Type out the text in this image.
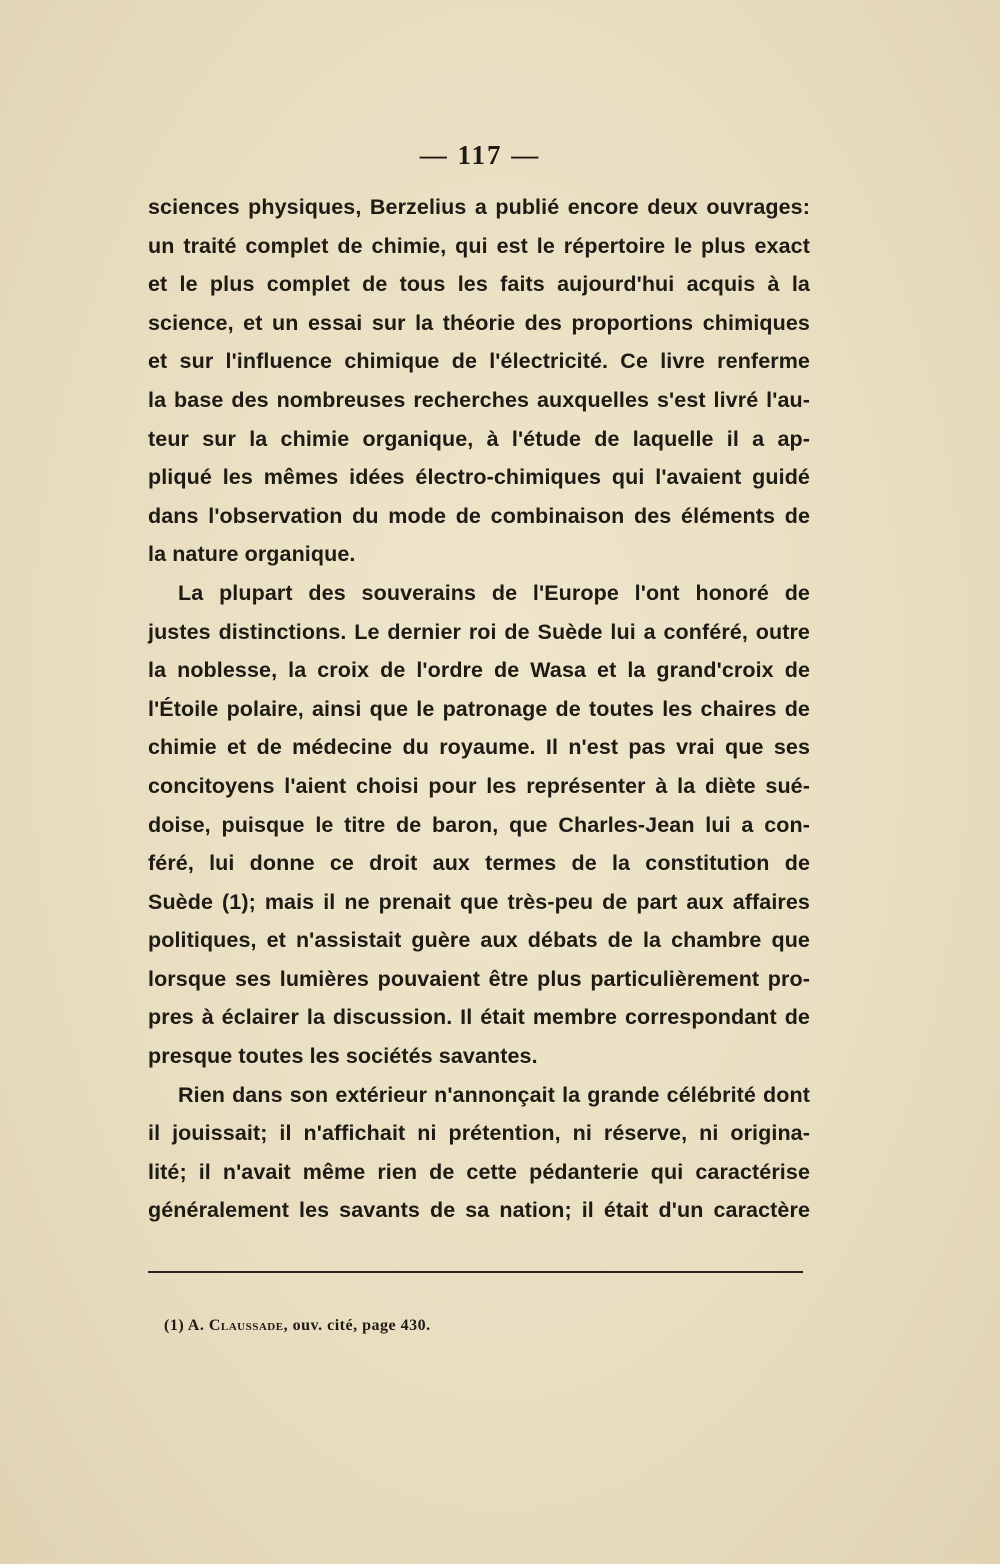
— 117 —
sciences physiques, Berzelius a publié encore deux ouvrages:
un traité complet de chimie, qui est le répertoire le plus exact
et le plus complet de tous les faits aujourd'hui acquis à la
science, et un essai sur la théorie des proportions chimiques
et sur l'influence chimique de l'électricité. Ce livre renferme
la base des nombreuses recherches auxquelles s'est livré l'au-
teur sur la chimie organique, à l'étude de laquelle il a ap-
pliqué les mêmes idées électro-chimiques qui l'avaient guidé
dans l'observation du mode de combinaison des éléments de
la nature organique.
La plupart des souverains de l'Europe l'ont honoré de
justes distinctions. Le dernier roi de Suède lui a conféré, outre
la noblesse, la croix de l'ordre de Wasa et la grand'croix de
l'Étoile polaire, ainsi que le patronage de toutes les chaires de
chimie et de médecine du royaume. Il n'est pas vrai que ses
concitoyens l'aient choisi pour les représenter à la diète sué-
doise, puisque le titre de baron, que Charles-Jean lui a con-
féré, lui donne ce droit aux termes de la constitution de
Suède (1); mais il ne prenait que très-peu de part aux affaires
politiques, et n'assistait guère aux débats de la chambre que
lorsque ses lumières pouvaient être plus particulièrement pro-
pres à éclairer la discussion. Il était membre correspondant de
presque toutes les sociétés savantes.
Rien dans son extérieur n'annonçait la grande célébrité dont
il jouissait; il n'affichait ni prétention, ni réserve, ni origina-
lité; il n'avait même rien de cette pédanterie qui caractérise
généralement les savants de sa nation; il était d'un caractère
(1) A. Claussade, ouv. cité, page 430.
